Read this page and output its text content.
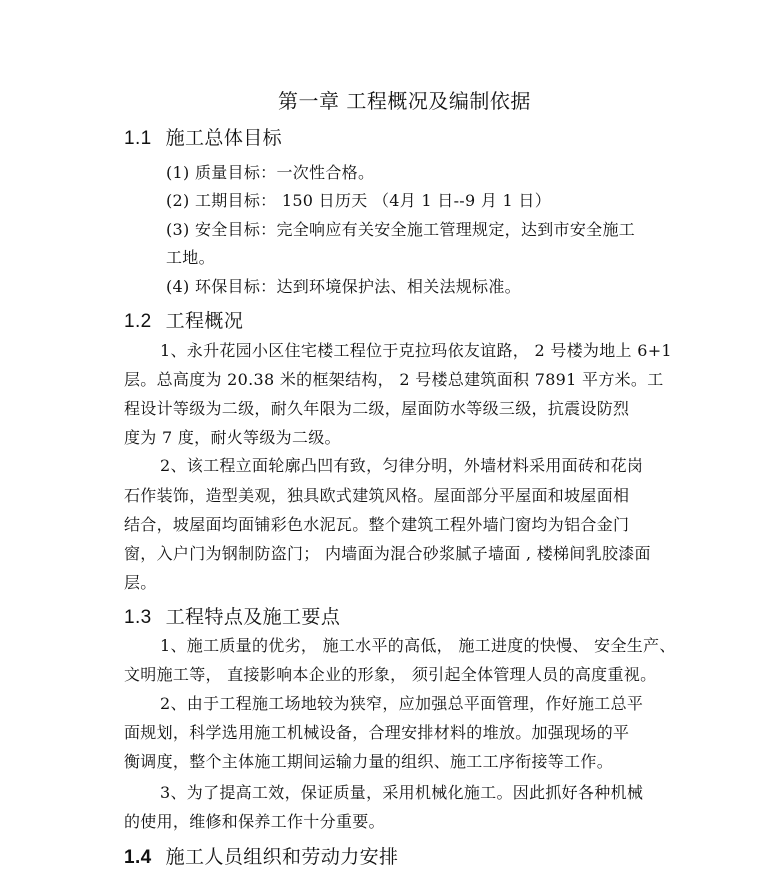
第一章 工程概况及编制依据
1.1 施工总体目标
(1) 质量目标：一次性合格。
(2) 工期目标： 150 日历天 （4月 1 日--9 月 1 日）
(3) 安全目标：完全响应有关安全施工管理规定，达到市安全施工
工地。
(4) 环保目标：达到环境保护法、相关法规标准。
1.2 工程概况
1、永升花园小区住宅楼工程位于克拉玛依友谊路， 2 号楼为地上 6+1
层。总高度为 20.38 米的框架结构， 2 号楼总建筑面积 7891 平方米。工
程设计等级为二级，耐久年限为二级，屋面防水等级三级，抗震设防烈
度为 7 度，耐火等级为二级。
2、该工程立面轮廓凸凹有致，匀律分明，外墙材料采用面砖和花岗
石作装饰，造型美观，独具欧式建筑风格。屋面部分平屋面和坡屋面相
结合，坡屋面均面铺彩色水泥瓦。整个建筑工程外墙门窗均为铝合金门
窗，入户门为钢制防盗门； 内墙面为混合砂浆腻子墙面 , 楼梯间乳胶漆面
层。
1.3 工程特点及施工要点
1、施工质量的优劣， 施工水平的高低， 施工进度的快慢、 安全生产、
文明施工等， 直接影响本企业的形象， 须引起全体管理人员的高度重视。
2、由于工程施工场地较为狭窄，应加强总平面管理，作好施工总平
面规划，科学选用施工机械设备，合理安排材料的堆放。加强现场的平
衡调度，整个主体施工期间运输力量的组织、施工工序衔接等工作。
3、为了提高工效，保证质量，采用机械化施工。因此抓好各种机械
的使用，维修和保养工作十分重要。
1.4 施工人员组织和劳动力安排
